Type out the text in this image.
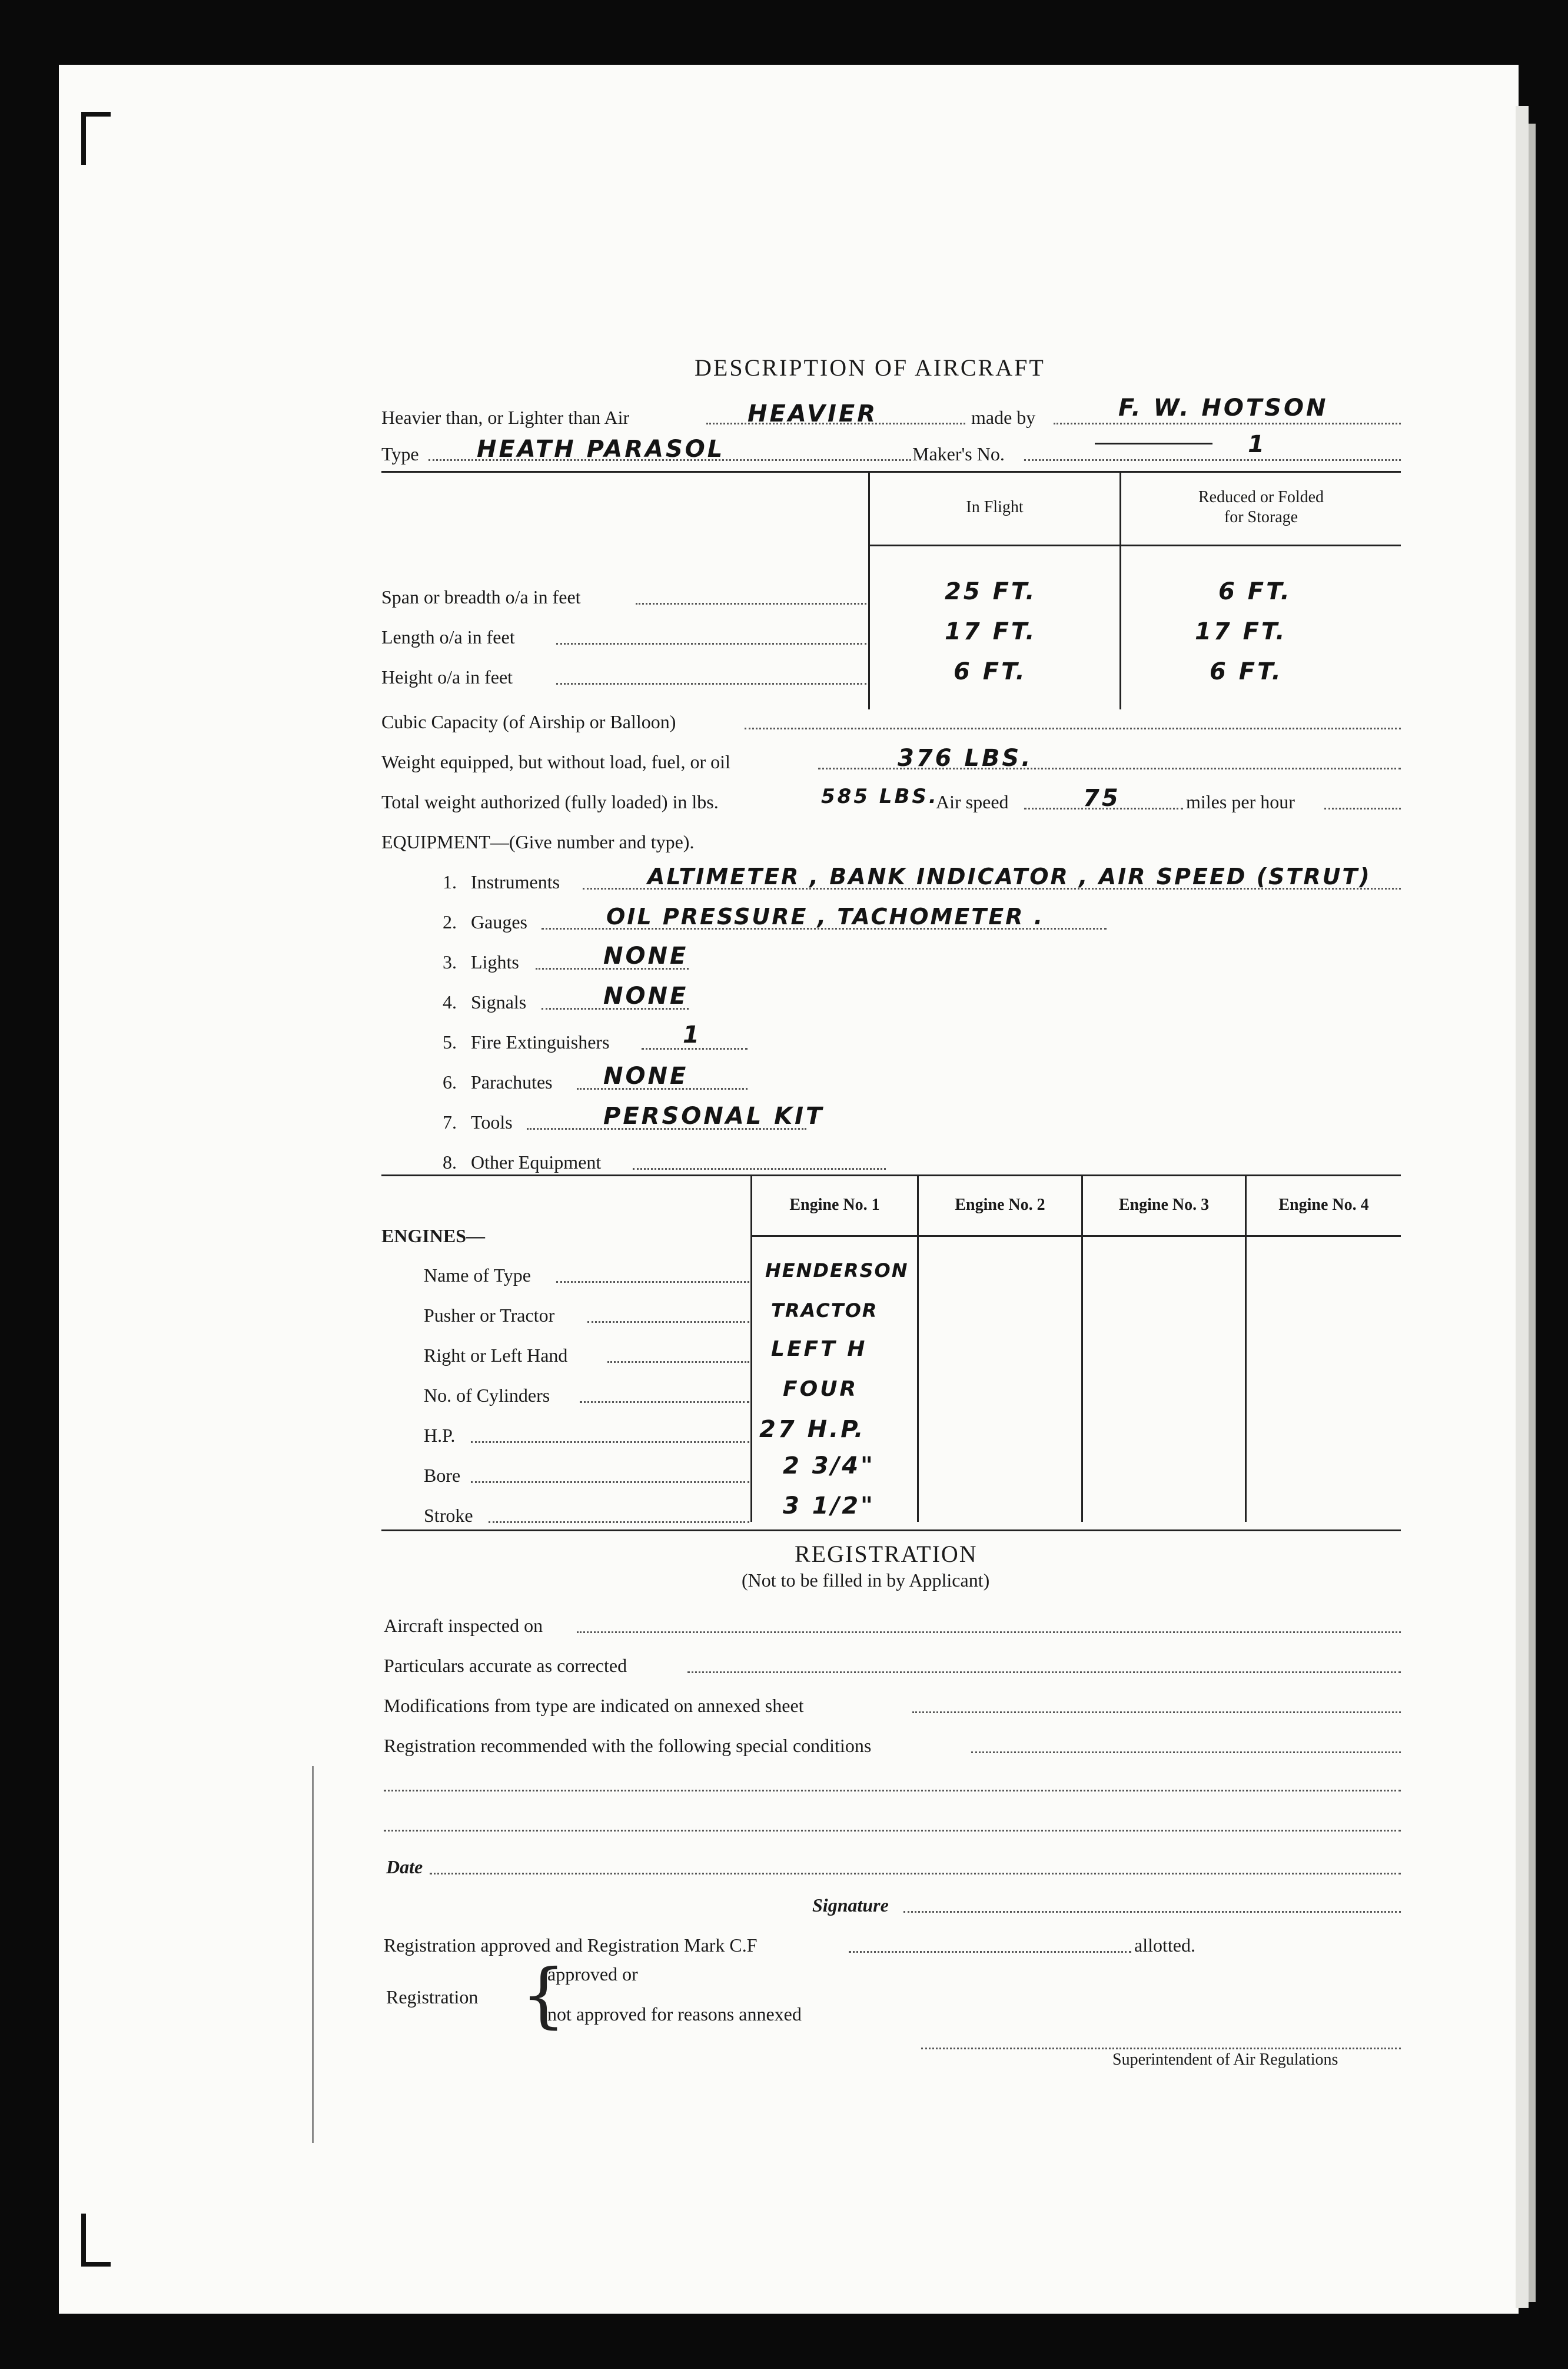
DESCRIPTION OF AIRCRAFT
Heavier than, or Lighter than Air	HEAVIER	made by	F. W. HOTSON
Type HEATH PARASOL	Maker's No.	1
In Flight
Reduced or Folded
for Storage
Span or breadth o/a in feet	25 FT.	6 FT.
Length o/a in feet	17 FT.	17 FT.
Height o/a in feet	6 FT.	6 FT.
Cubic Capacity (of Airship or Balloon)
Weight equipped, but without load, fuel, or oil	376 LBS.
Total weight authorized (fully loaded) in lbs.	585 LBS.
Air speed	75	miles per hour
EQUIPMENT—(Give number and type).
1. Instruments	ALTIMETER , BANK INDICATOR , AIR SPEED (STRUT)
2. Gauges	OIL PRESSURE , TACHOMETER .
3. Lights	NONE
4. Signals	NONE
5. Fire Extinguishers	1
6. Parachutes NONE
7. Tools	PERSONAL KIT
8. Other Equipment
Engine No. 1	Engine No. 2	Engine No. 3	Engine No. 4
ENGINES—
Name of Type	HENDERSON
Pusher or Tractor	TRACTOR
Right or Left Hand	LEFT H
No. of Cylinders	FOUR
H.P.	27 H.P.
Bore	2 3/4"
Stroke	3 1/2"
REGISTRATION
(Not to be filled in by Applicant)
Aircraft inspected on
Particulars accurate as corrected
Modifications from type are indicated on annexed sheet
Registration recommended with the following special conditions
Date
Signature
Registration approved and Registration Mark C.F	allotted.
Registration {
approved or
not approved for reasons annexed
Superintendent of Air Regulations
